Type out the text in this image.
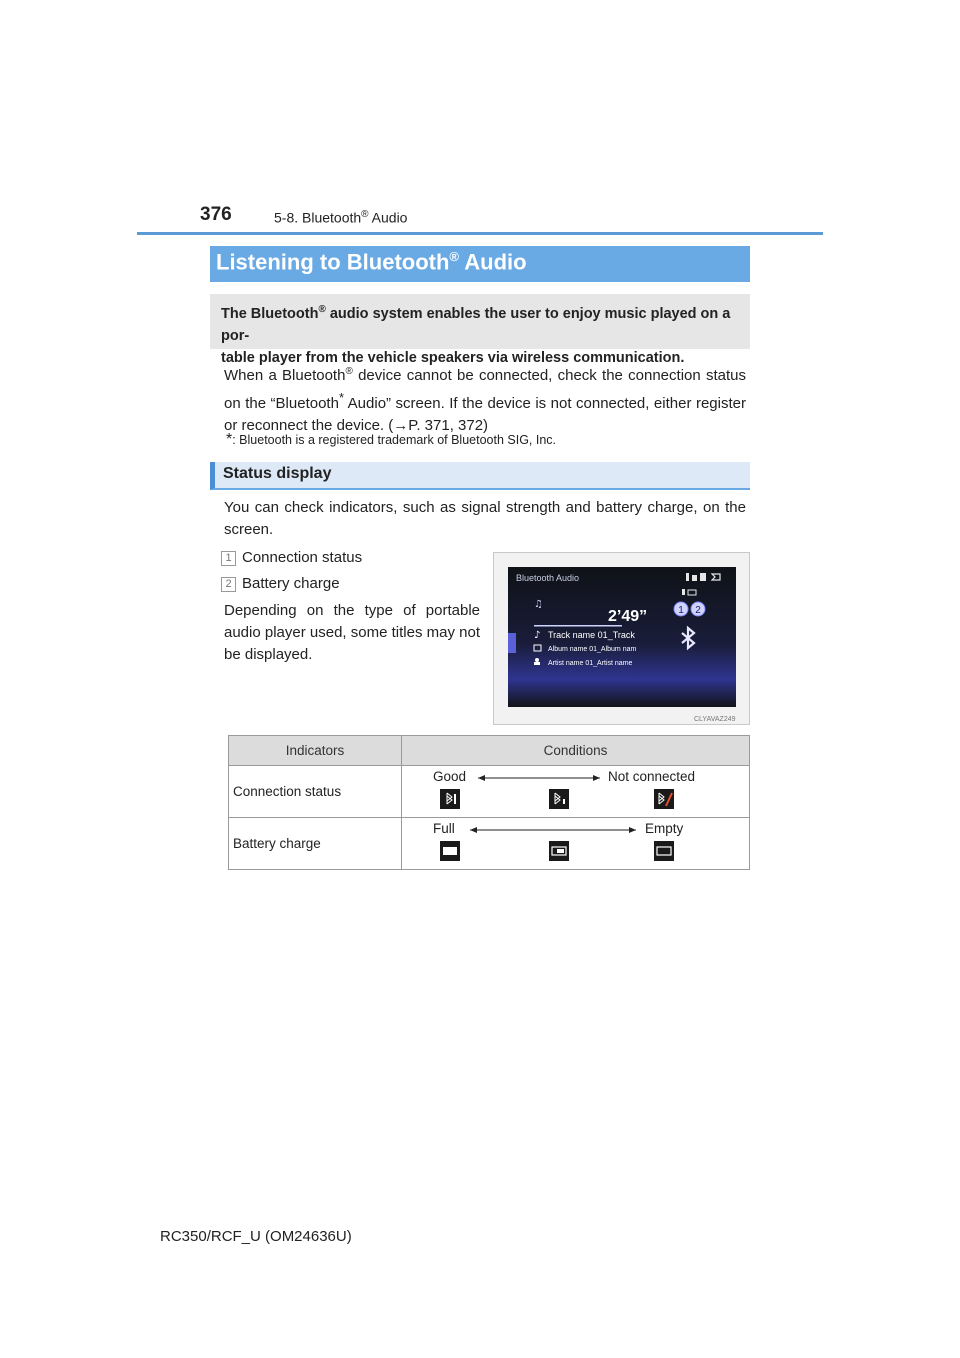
376	5-8. Bluetooth® Audio
Listening to Bluetooth® Audio
The Bluetooth® audio system enables the user to enjoy music played on a por-
table player from the vehicle speakers via wireless communication.
When a Bluetooth® device cannot be connected, check the connection status
on the “Bluetooth* Audio” screen. If the device is not connected, either register
or reconnect the device. (→P. 371, 372)
*: Bluetooth is a registered trademark of Bluetooth SIG, Inc.
Status display
You can check indicators, such as signal strength and battery charge, on the
screen.
1 Connection status
2 Battery charge
Depending on the type of portable
audio player used, some titles may not
be displayed.
1 2
Bluetooth Audio
♫
2’49”
♪ Track name 01_Track
Album name 01_Album nam
Artist name 01_Artist name
CLYAVAZ249
Indicators	Conditions
Connection status	Good Not connected

Battery charge	Full Empty
RC350/RCF_U (OM24636U)
